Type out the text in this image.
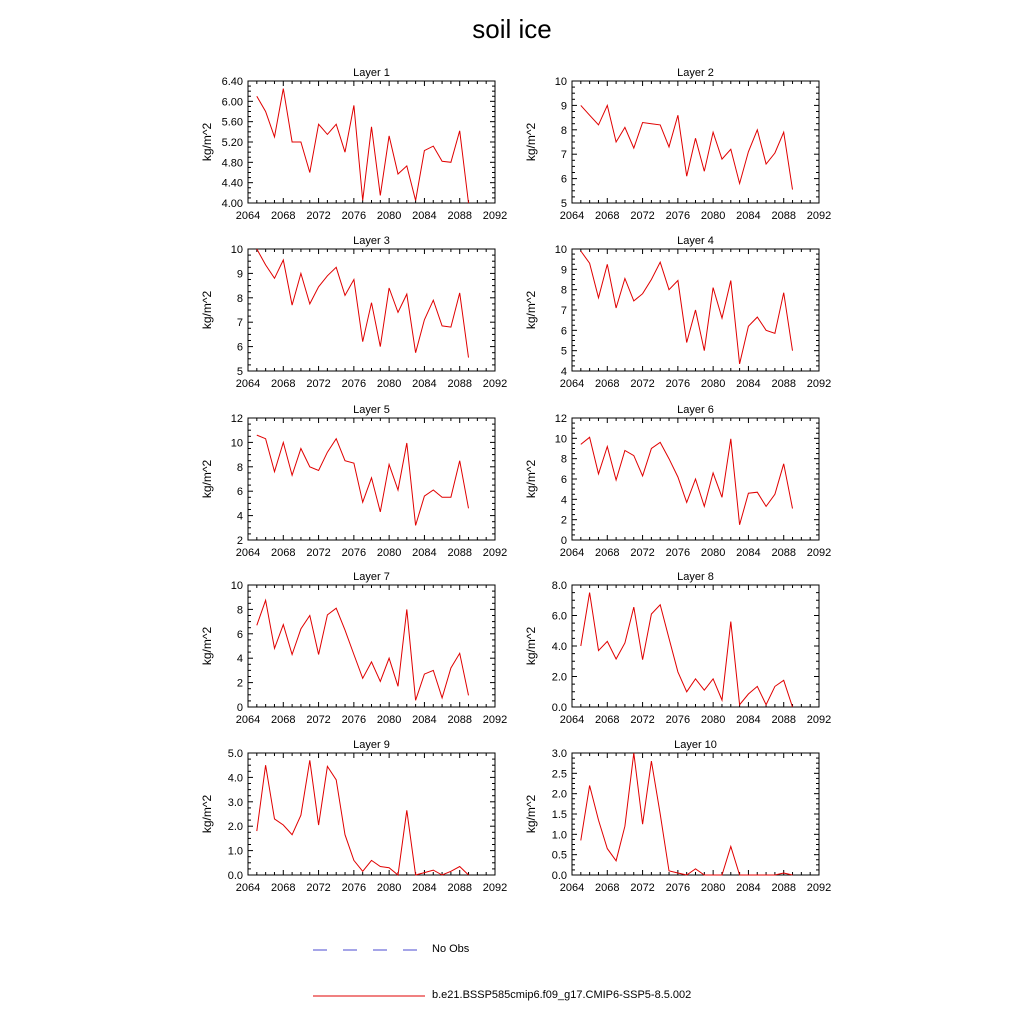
soil ice
Layer 1
2064 2068 2072 2076 2080 2084 2088 2092
4.00
4.40
4.80
5.20
5.60
6.00
6.40
kg/m^2
Layer 2
2064 2068 2072 2076 2080 2084 2088 2092
5
6
7
8
9
10
kg/m^2
Layer 3
2064 2068 2072 2076 2080 2084 2088 2092
5
6
7
8
9
10
kg/m^2
Layer 4
2064 2068 2072 2076 2080 2084 2088 2092
4
5
6
7
8
9
10
kg/m^2
Layer 5
2064 2068 2072 2076 2080 2084 2088 2092
2
4
6
8
10
12
kg/m^2
Layer 6
2064 2068 2072 2076 2080 2084 2088 2092
0
2
4
6
8
10
12
kg/m^2
Layer 7
2064 2068 2072 2076 2080 2084 2088 2092
0
2
4
6
8
10
kg/m^2
Layer 8
2064 2068 2072 2076 2080 2084 2088 2092
0.0
2.0
4.0
6.0
8.0
kg/m^2
Layer 9
2064 2068 2072 2076 2080 2084 2088 2092
0.0
1.0
2.0
3.0
4.0
5.0
kg/m^2
Layer 10
2064 2068 2072 2076 2080 2084 2088 2092
0.0
0.5
1.0
1.5
2.0
2.5
3.0
kg/m^2
No Obs
b.e21.BSSP585cmip6.f09_g17.CMIP6-SSP5-8.5.002
